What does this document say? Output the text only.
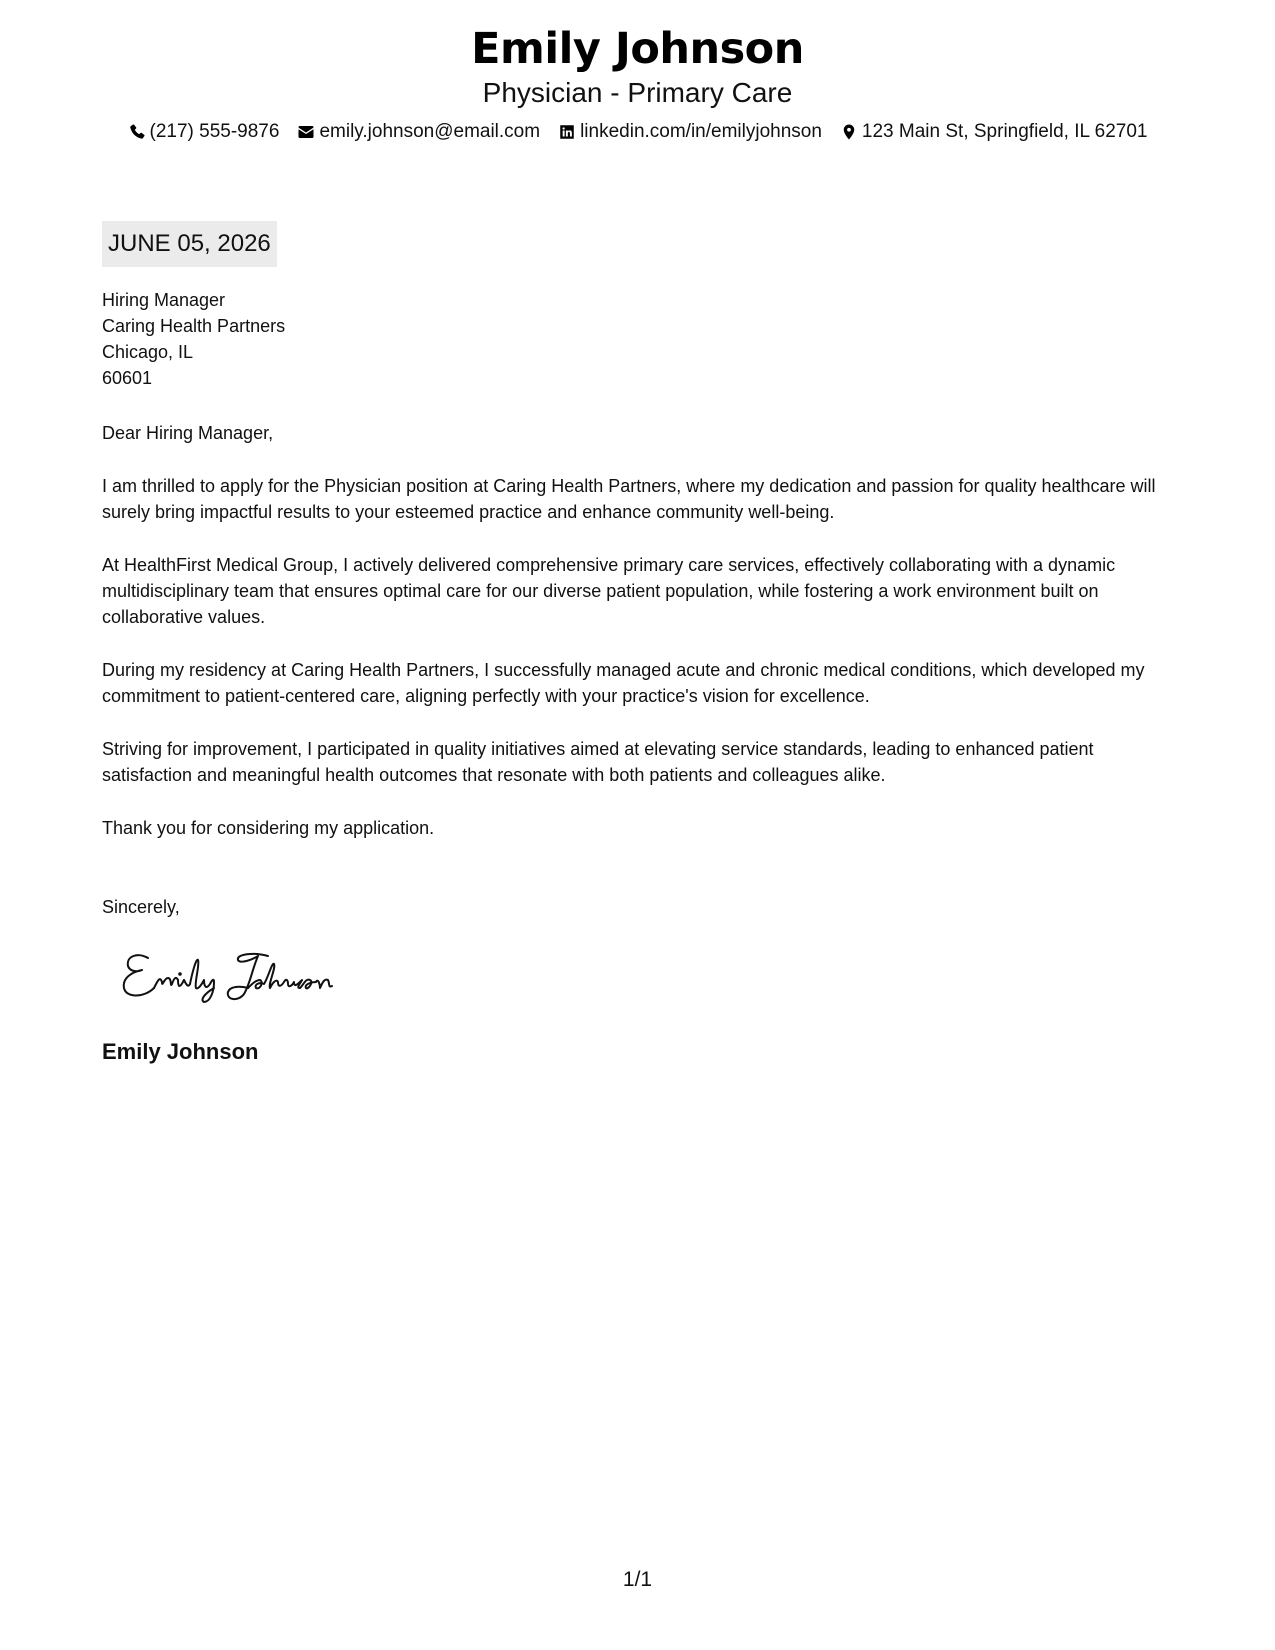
Emily Johnson
Physician - Primary Care
(217) 555-9876 emily.johnson@email.com linkedin.com/in/emilyjohnson 123 Main St, Springfield, IL 62701
JUNE 05, 2026
Hiring Manager
Caring Health Partners
Chicago, IL
60601

Dear Hiring Manager,

I am thrilled to apply for the Physician position at Caring Health Partners, where my dedication and passion for quality healthcare will surely bring impactful results to your esteemed practice and enhance community well-being.

At HealthFirst Medical Group, I actively delivered comprehensive primary care services, effectively collaborating with a dynamic multidisciplinary team that ensures optimal care for our diverse patient population, while fostering a work environment built on collaborative values.

During my residency at Caring Health Partners, I successfully managed acute and chronic medical conditions, which developed my commitment to patient-centered care, aligning perfectly with your practice's vision for excellence.

Striving for improvement, I participated in quality initiatives aimed at elevating service standards, leading to enhanced patient satisfaction and meaningful health outcomes that resonate with both patients and colleagues alike.

Thank you for considering my application.

Sincerely,
Emily Johnson
1/1
